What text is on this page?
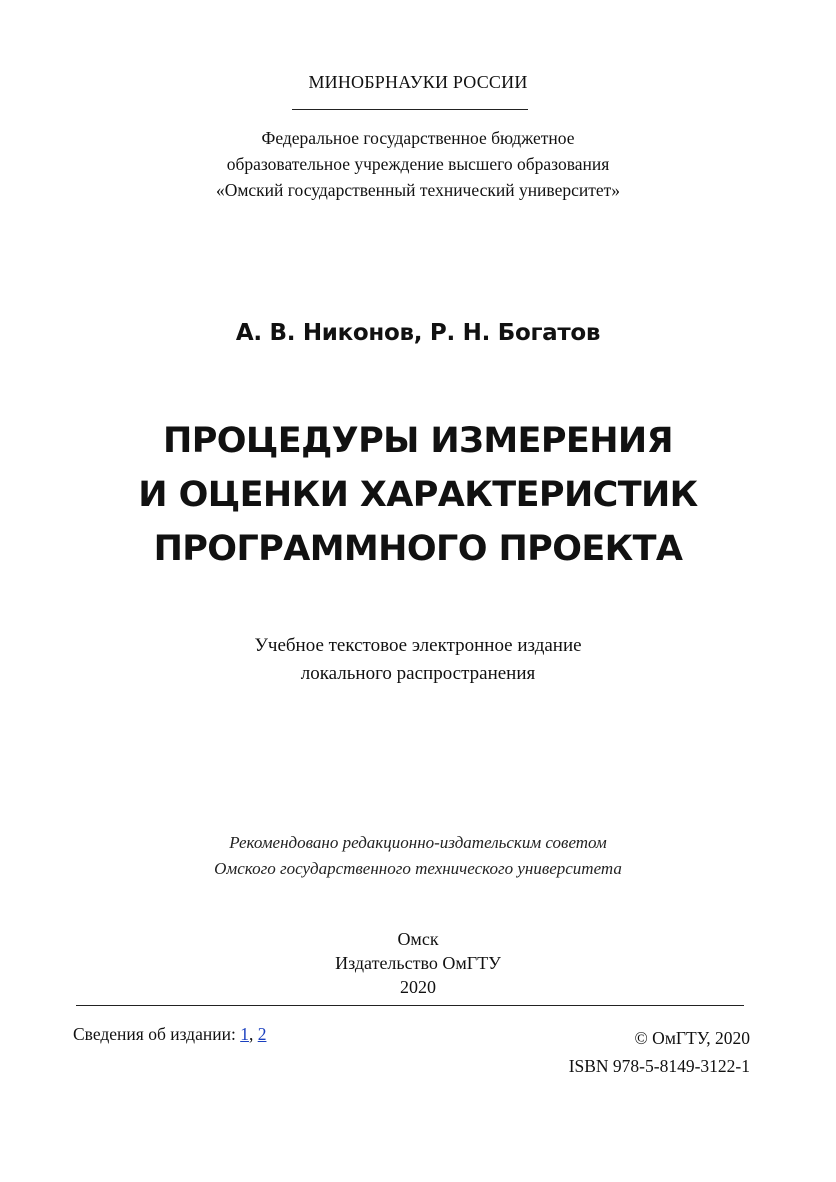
МИНОБРНАУКИ РОССИИ
Федеральное государственное бюджетное
образовательное учреждение высшего образования
«Омский государственный технический университет»
А. В. Никонов, Р. Н. Богатов
ПРОЦЕДУРЫ ИЗМЕРЕНИЯ
И ОЦЕНКИ ХАРАКТЕРИСТИК
ПРОГРАММНОГО ПРОЕКТА
Учебное текстовое электронное издание
локального распространения
Рекомендовано редакционно-издательским советом
Омского государственного технического университета
Омск
Издательство ОмГТУ
2020
Сведения об издании: 1, 2	© ОмГТУ, 2020
ISBN 978-5-8149-3122-1
